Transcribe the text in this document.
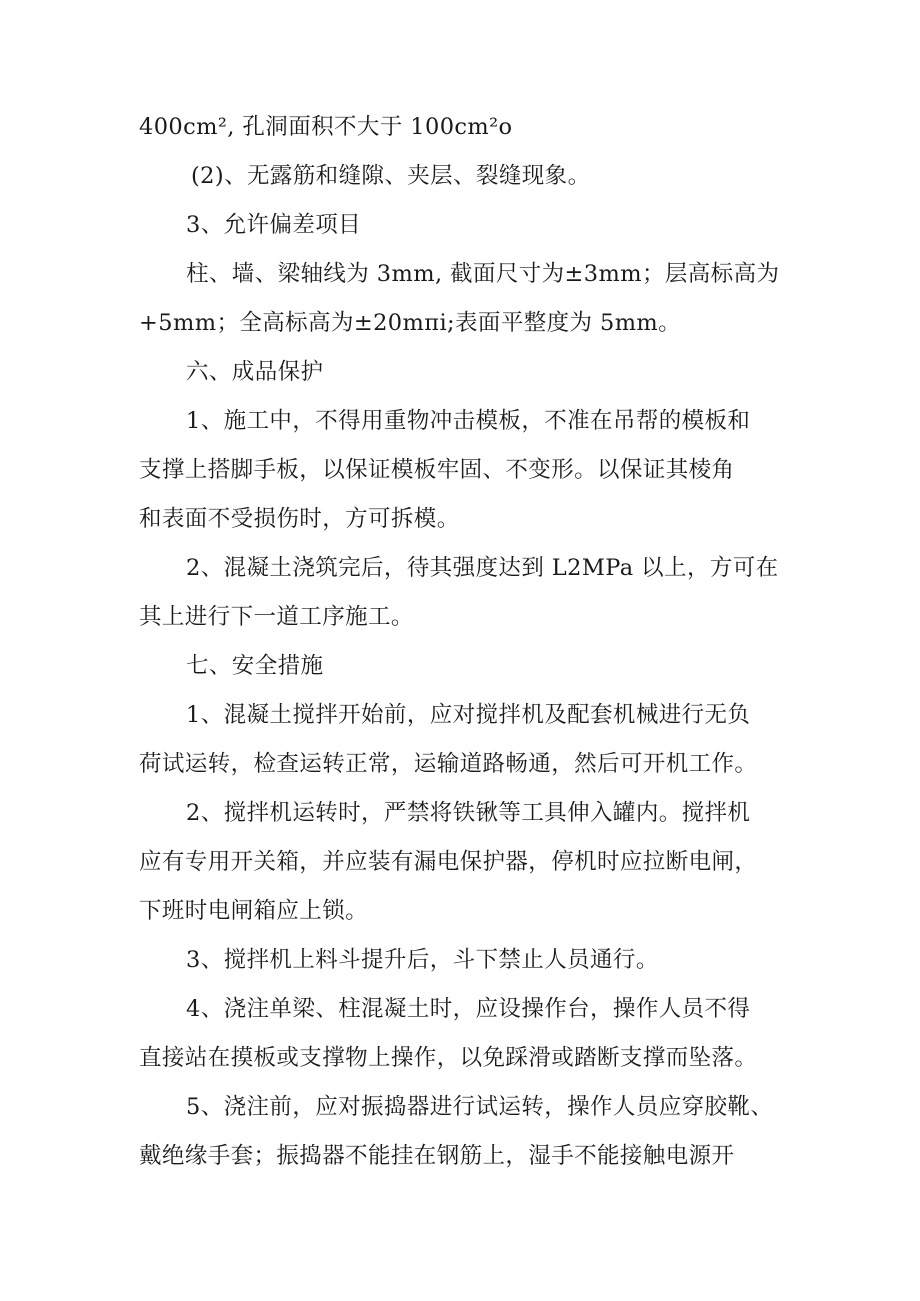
400cm², 孔洞面积不大于 100cm²o

(2)、无露筋和缝隙、夹层、裂缝现象。

3、允许偏差项目

柱、墙、梁轴线为 3mm, 截面尺寸为±3mm；层高标高为

+5mm；全高标高为±20mπi;表面平整度为 5mm。

六、成品保护

1、施工中，不得用重物冲击模板，不准在吊帮的模板和

支撑上搭脚手板，以保证模板牢固、不变形。以保证其棱角

和表面不受损伤时，方可拆模。

2、混凝土浇筑完后，待其强度达到 L2MPa 以上，方可在

其上进行下一道工序施工。

七、安全措施

1、混凝土搅拌开始前，应对搅拌机及配套机械进行无负

荷试运转，检查运转正常，运输道路畅通，然后可开机工作。

2、搅拌机运转时，严禁将铁锹等工具伸入罐内。搅拌机

应有专用开关箱，并应装有漏电保护器，停机时应拉断电闸，

下班时电闸箱应上锁。

3、搅拌机上料斗提升后，斗下禁止人员通行。

4、浇注单梁、柱混凝土时，应设操作台，操作人员不得

直接站在摸板或支撑物上操作，以免踩滑或踏断支撑而坠落。

5、浇注前，应对振捣器进行试运转，操作人员应穿胶靴、

戴绝缘手套；振捣器不能挂在钢筋上，湿手不能接触电源开
